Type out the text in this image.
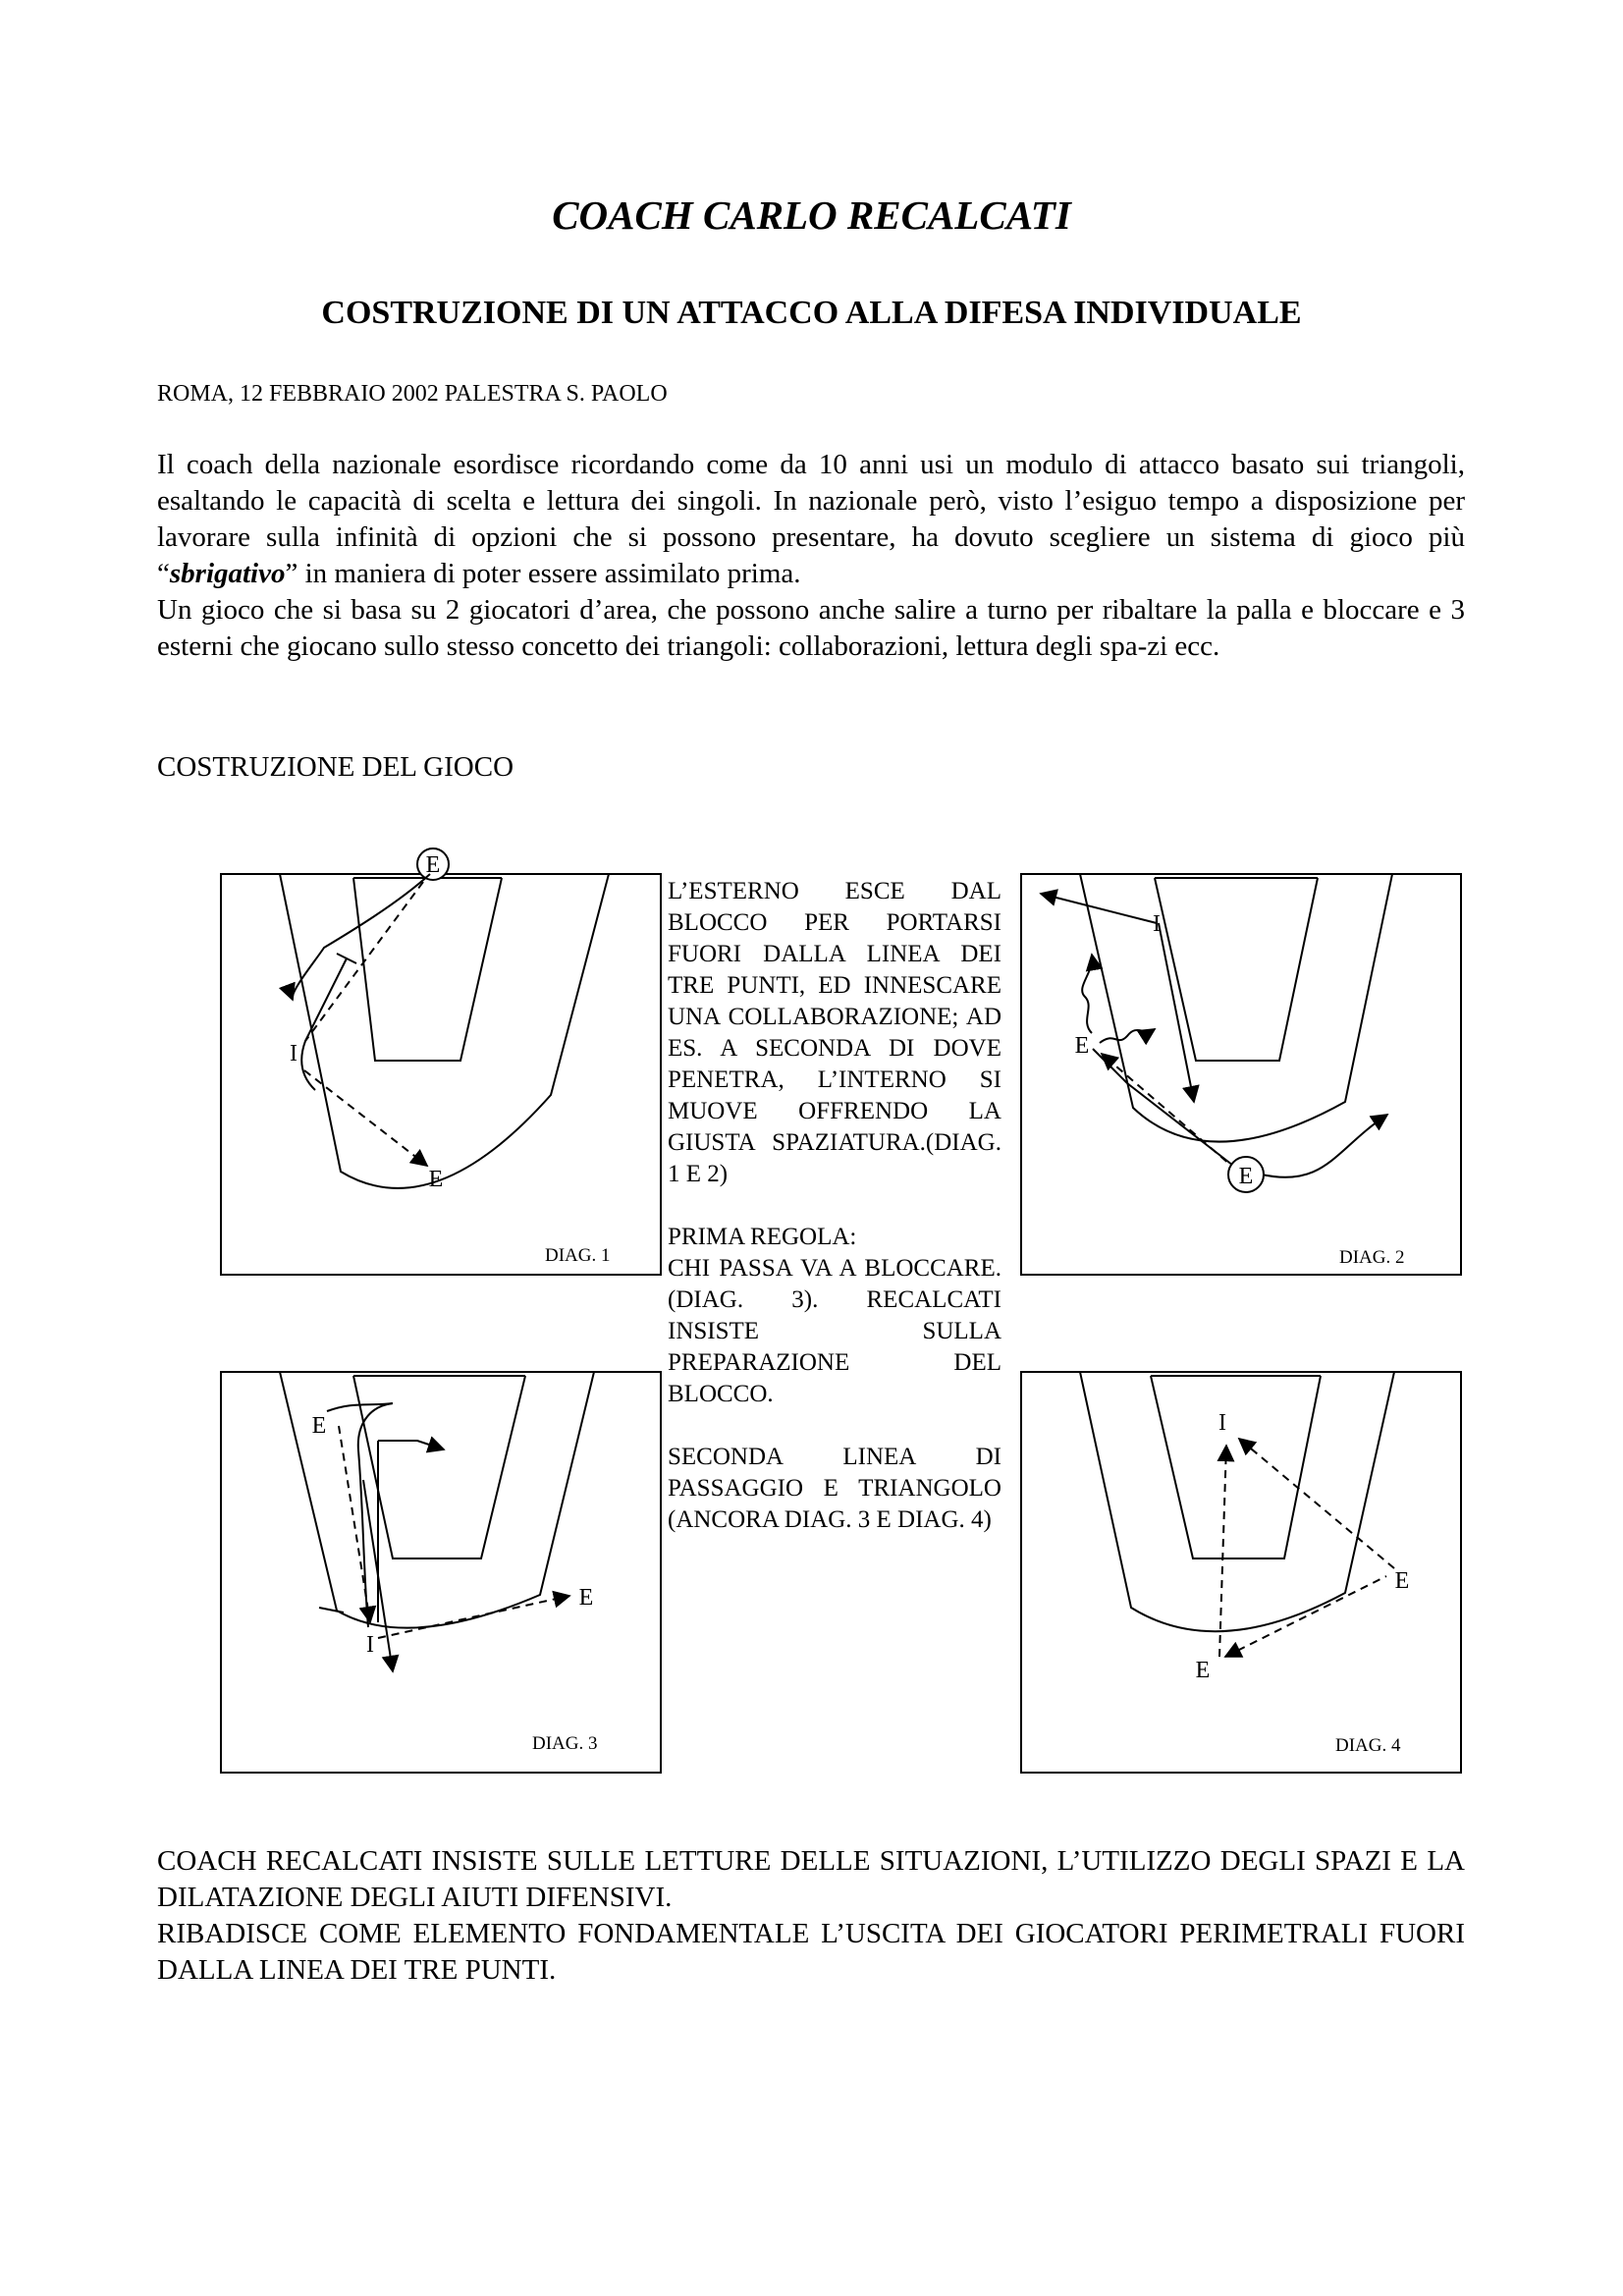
COACH CARLO RECALCATI
COSTRUZIONE DI UN ATTACCO ALLA DIFESA INDIVIDUALE
ROMA, 12 FEBBRAIO 2002 PALESTRA S. PAOLO

Il coach della nazionale esordisce ricordando come da 10 anni usi un modulo di attacco basato sui triangoli, esaltando le capacità di scelta e lettura dei singoli. In nazionale però, visto l’esiguo tempo a disposizione per lavorare sulla infinità di opzioni che si possono presentare, ha dovuto scegliere un sistema di gioco più “sbrigativo” in maniera di poter essere assimilato prima.

Un gioco che si basa su 2 giocatori d’area, che possono anche salire a turno per ribaltare la palla e bloccare e 3 esterni che giocano sullo stesso concetto dei triangoli: collaborazioni, lettura degli spa-zi ecc.

COSTRUZIONE DEL GIOCO
E
I
E
DIAG. 1
I
E
E
DIAG. 2
E
E
I
DIAG. 3
I
E
E
DIAG. 4

L’ESTERNO ESCE DAL BLOCCO PER PORTARSI FUORI DALLA LINEA DEI TRE PUNTI, ED INNESCARE UNA COLLABORAZIONE; AD ES. A SECONDA DI DOVE PENETRA, L’INTERNO SI MUOVE OFFRENDO LA GIUSTA SPAZIATURA.(DIAG. 1 E 2)

PRIMA REGOLA:

CHI PASSA VA A BLOCCARE. (DIAG. 3). RECALCATI INSISTE SULLA PREPARAZIONE DEL BLOCCO.

SECONDA LINEA DI PASSAGGIO E TRIANGOLO (ANCORA DIAG. 3 E DIAG. 4)

COACH RECALCATI INSISTE SULLE LETTURE DELLE SITUAZIONI, L’UTILIZZO DEGLI SPAZI E LA DILATAZIONE DEGLI AIUTI DIFENSIVI.

RIBADISCE COME ELEMENTO FONDAMENTALE L’USCITA DEI GIOCATORI PERIMETRALI FUORI DALLA LINEA DEI TRE PUNTI.
